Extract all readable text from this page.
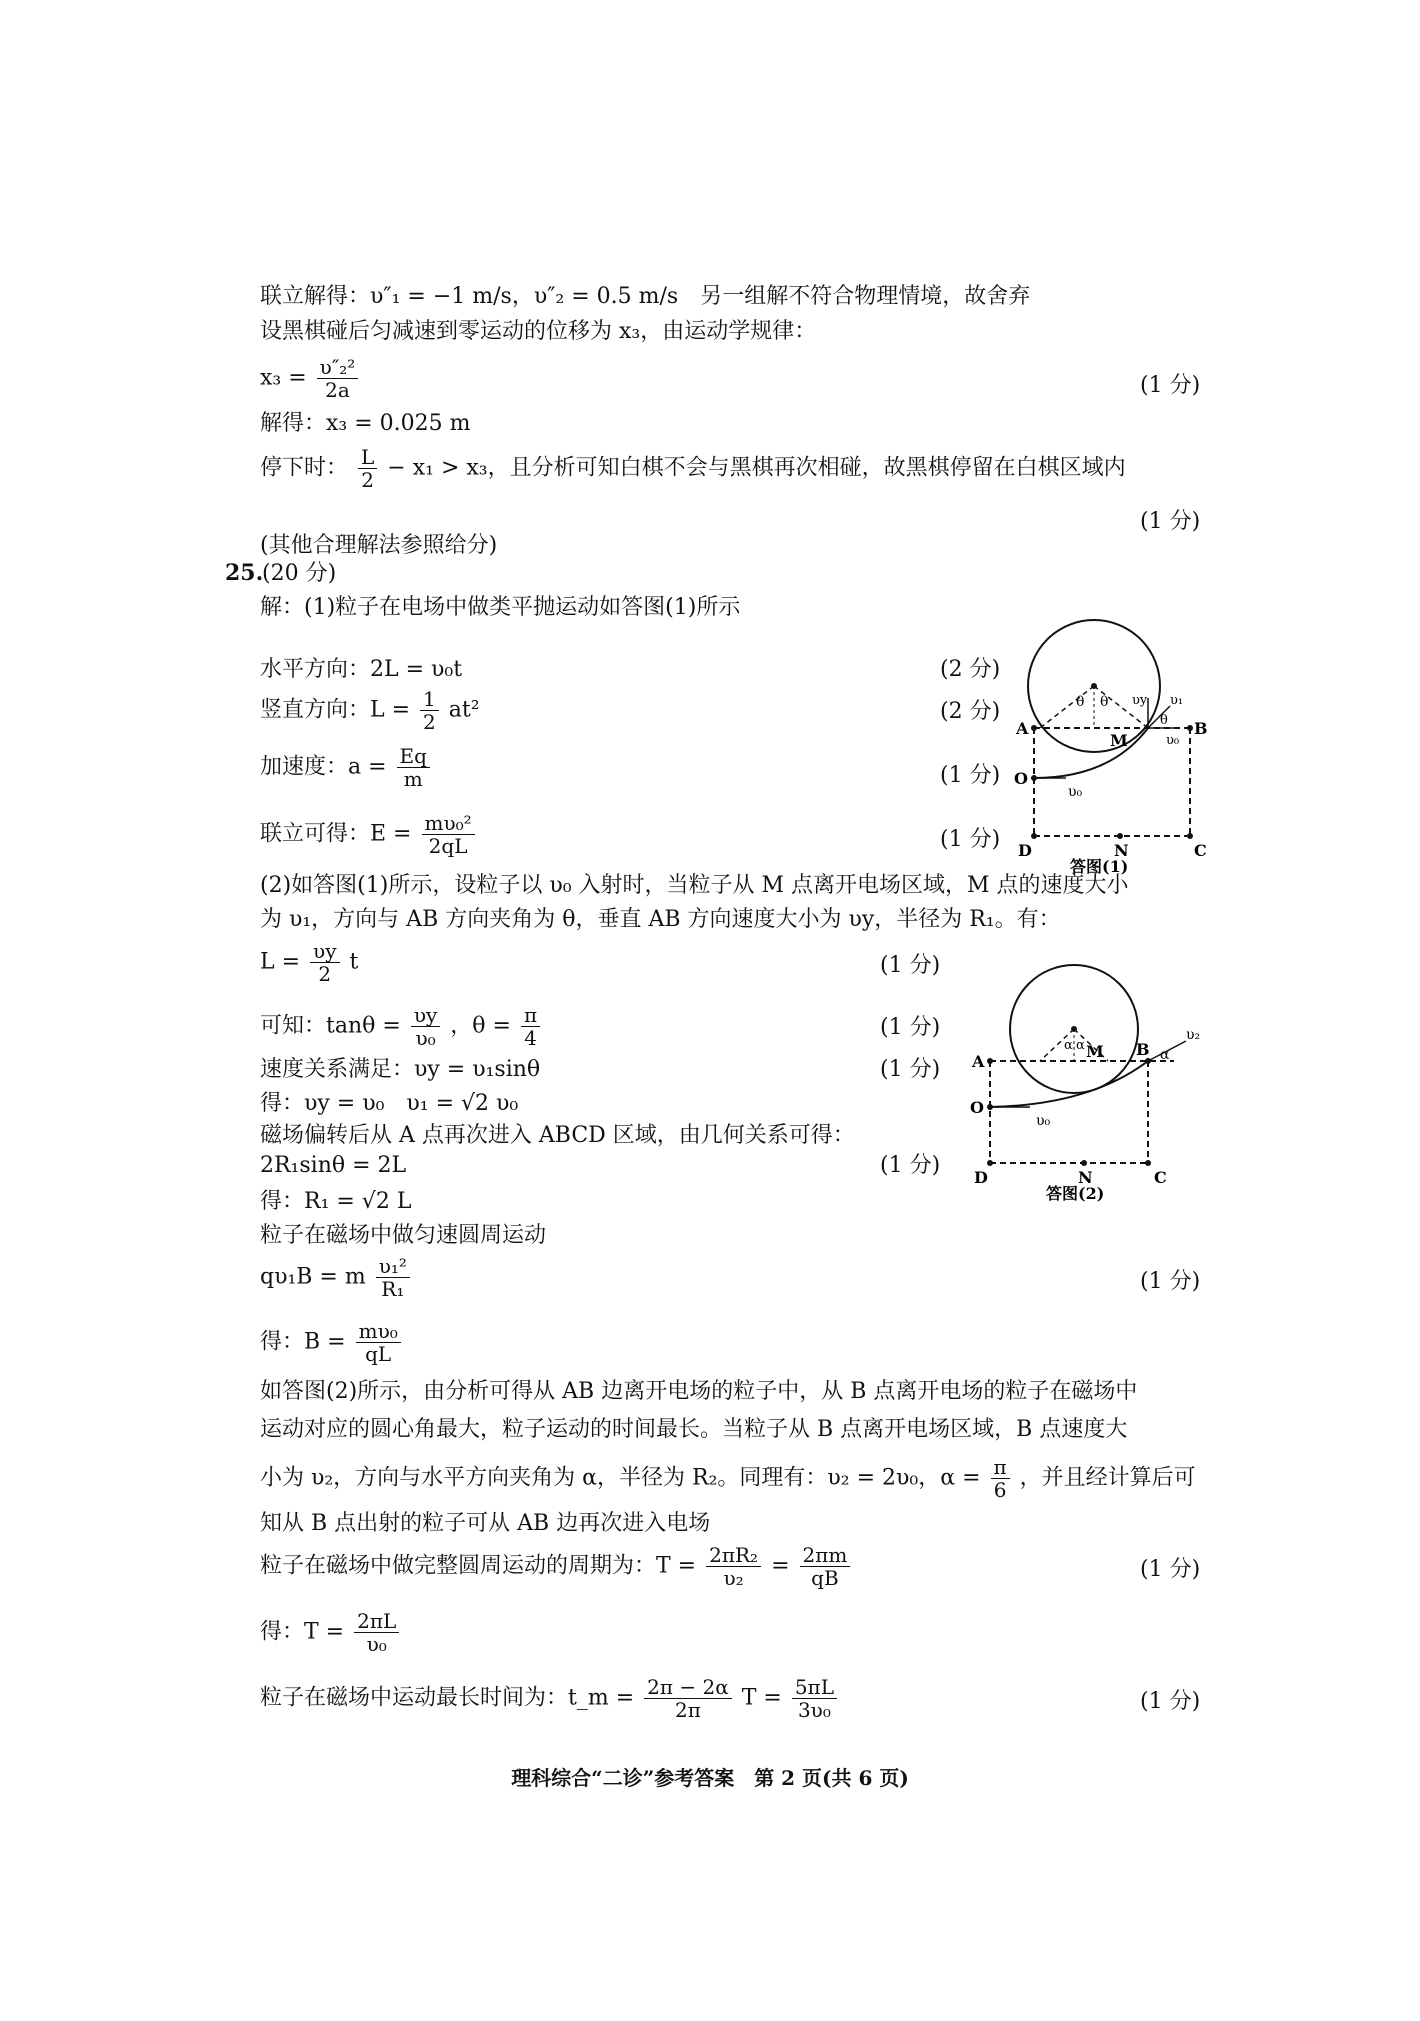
联立解得：υ″₁ = −1 m/s，υ″₂ = 0.5 m/s　另一组解不符合物理情境，故舍弃
设黑棋碰后匀减速到零运动的位移为 x₃，由运动学规律：
$x_3 = \frac{\text{υ″₂²}}{2a}$	(1 分)
解得：x₃ = 0.025 m
停下时： $\frac{L}{2} - x_1 > x_3$，且分析可知白棋不会与黑棋再次相碰，故黑棋停留在白棋区域内
(1 分)
(其他合理解法参照给分)
25.
(20 分)
解：(1)粒子在电场中做类平抛运动如答图(1)所示
水平方向：2L = υ₀t	(2 分)
竖直方向：$L = \frac{1}{2} at^2$	(2 分)
加速度：$a = \frac{Eq}{m}$	(1 分)
联立可得：$E = \frac{\text{mυ₀²}}{2qL}$	(1 分)
(2)如答图(1)所示，设粒子以 υ₀ 入射时，当粒子从 M 点离开电场区域，M 点的速度大小
为 υ₁，方向与 AB 方向夹角为 θ，垂直 AB 方向速度大小为 υy，半径为 R₁。有：
$L = \frac{\upsilon y}{2}$ t	(1 分)
可知：$\tan\theta = \frac{\upsilon y}{\text{υ₀}}$ ，$\theta = \frac{\pi}{4}$	(1 分)
速度关系满足：υy = υ₁sinθ	(1 分)
得：υy = υ₀　υ₁ = √2 υ₀
磁场偏转后从 A 点再次进入 ABCD 区域，由几何关系可得：
2R₁sinθ = 2L	(1 分)
得：R₁ = √2 L
粒子在磁场中做匀速圆周运动
qυ₁B = m $\frac{\text{υ₁²}}{\text{R₁}}$	(1 分)
得：$B = \frac{\text{mυ₀}}{qL}$
如答图(2)所示，由分析可得从 AB 边离开电场的粒子中，从 B 点离开电场的粒子在磁场中
运动对应的圆心角最大，粒子运动的时间最长。当粒子从 B 点离开电场区域，B 点速度大
小为 υ₂，方向与水平方向夹角为 α，半径为 R₂。同理有：υ₂ = 2υ₀，$\alpha = \frac{\pi}{6}$ ，并且经计算后可
知从 B 点出射的粒子可从 AB 边再次进入电场
粒子在磁场中做完整圆周运动的周期为：$T = \frac{\text{2πR₂}}{\text{υ₂}} = \frac{2\pi m}{qB}$	(1 分)
得：$T = \frac{2\pi L}{\text{υ₀}}$
粒子在磁场中运动最长时间为：t_m = $\frac{2\pi - 2\alpha}{2\pi}$ $T = \frac{5\pi L}{\text{3υ₀}}$	(1 分)
理科综合“二诊”参考答案　第 2 页(共 6 页)
A	B
O
D	C
N
M
υ₀
υ₀
υ₁
υy
θ θ
θ
答图(1)
A
B
O
D	C
N
M
υ₀
υ₂
α α
α
答图(2)
